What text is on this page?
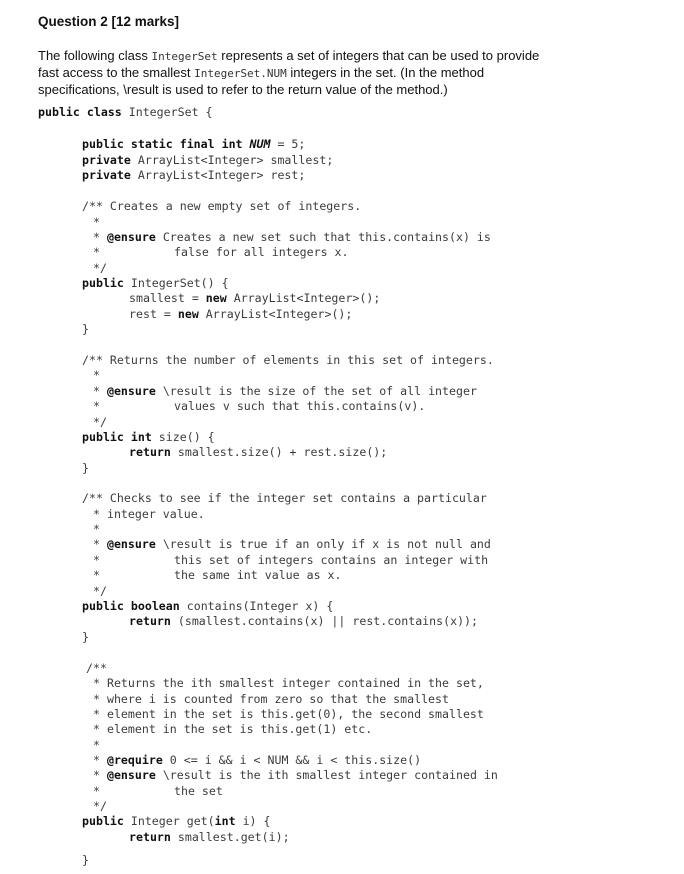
Question 2 [12 marks]
The following class IntegerSet represents a set of integers that can be used to provide
fast access to the smallest IntegerSet.NUM integers in the set. (In the method
specifications, \result is used to refer to the return value of the method.)
public class IntegerSet {
public static final int NUM = 5;
private ArrayList<Integer> smallest;
private ArrayList<Integer> rest;
/** Creates a new empty set of integers.
*
* @ensure Creates a new set such that this.contains(x) is
*	false for all integers x.
*/
public IntegerSet() {
smallest = new ArrayList<Integer>();
rest = new ArrayList<Integer>();
}
/** Returns the number of elements in this set of integers.
*
* @ensure \result is the size of the set of all integer
*	values v such that this.contains(v).
*/
public int size() {
return smallest.size() + rest.size();
}
/** Checks to see if the integer set contains a particular
* integer value.
*
* @ensure \result is true if an only if x is not null and
*	this set of integers contains an integer with
*	the same int value as x.
*/
public boolean contains(Integer x) {
return (smallest.contains(x) || rest.contains(x));
}
/**
* Returns the ith smallest integer contained in the set,
* where i is counted from zero so that the smallest
* element in the set is this.get(0), the second smallest
* element in the set is this.get(1) etc.
*
* @require 0 <= i && i < NUM && i < this.size()
* @ensure \result is the ith smallest integer contained in
*	the set
*/
public Integer get(int i) {
return smallest.get(i);
}
